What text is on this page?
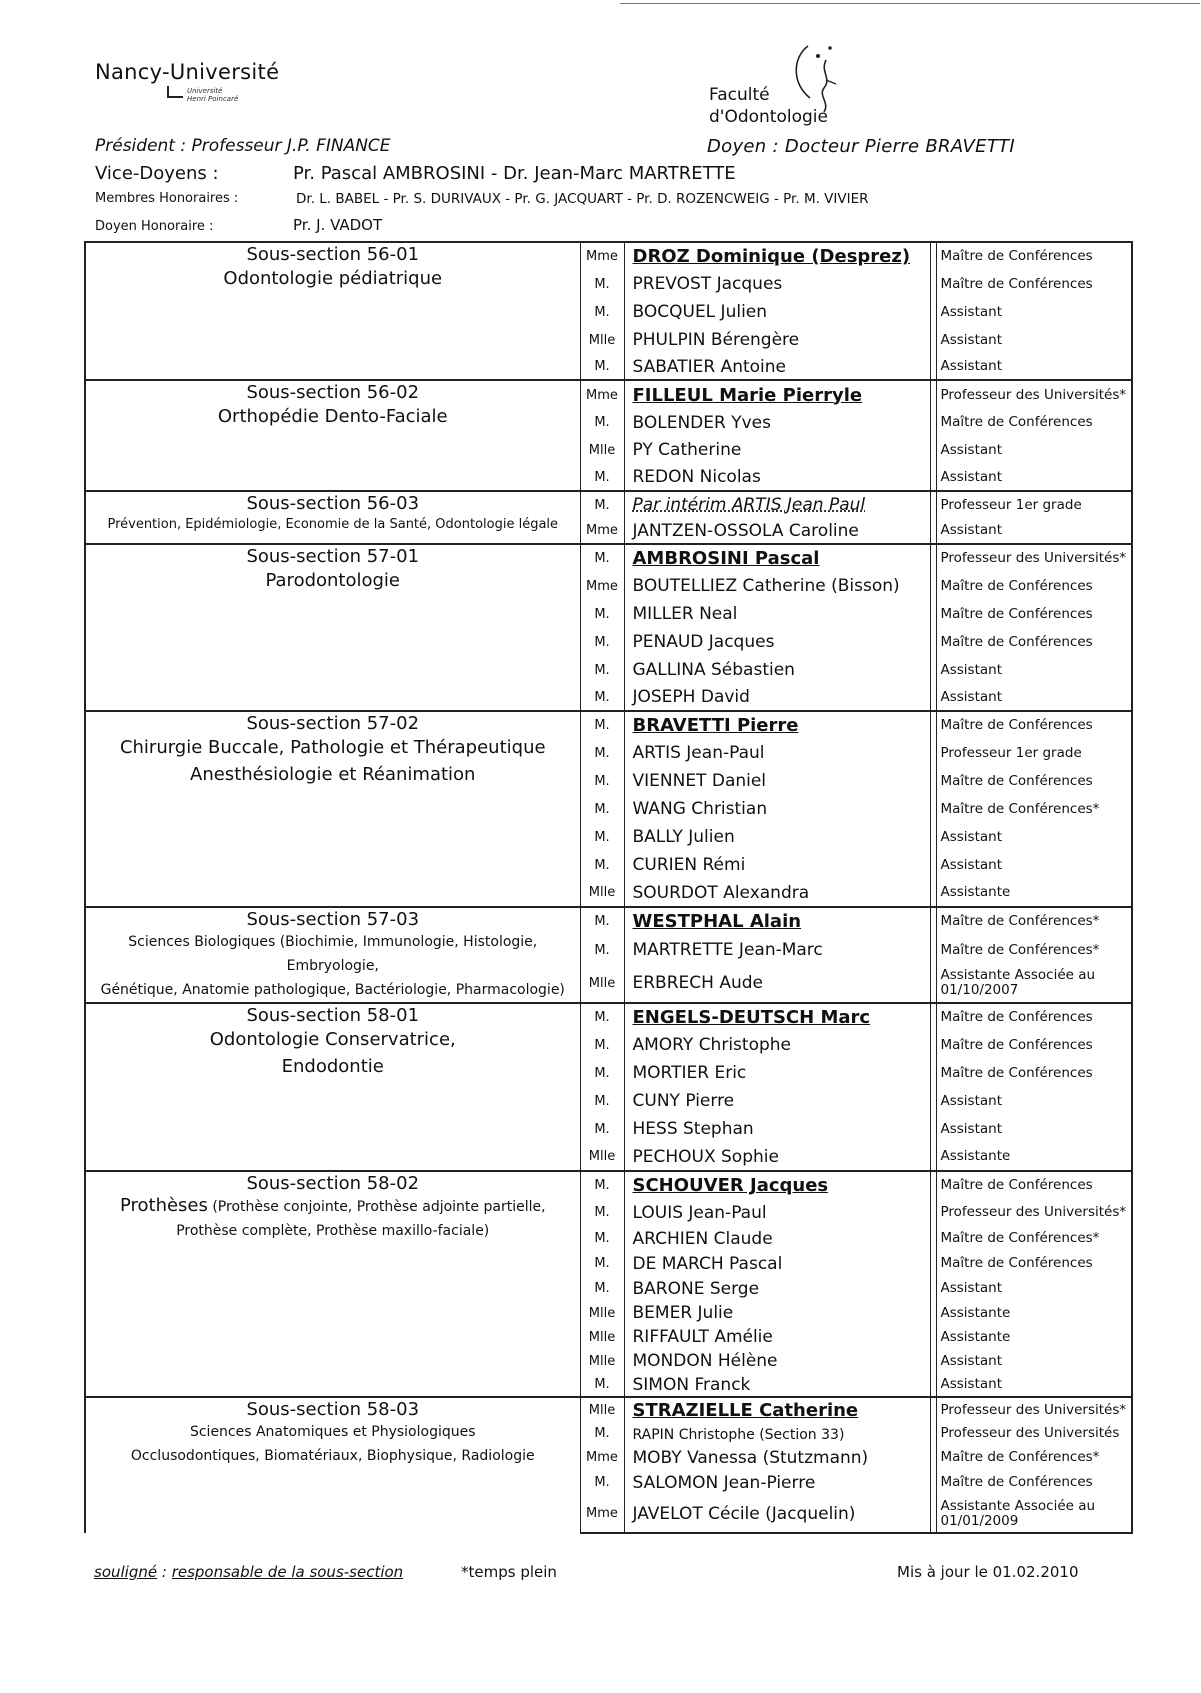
Nancy-Université
Université
Henri Poincaré	Faculté
d'Odontologie
Président : Professeur J.P. FINANCE	Doyen : Docteur Pierre BRAVETTI
Vice-Doyens :	Pr. Pascal AMBROSINI - Dr. Jean-Marc MARTRETTE
Membres Honoraires :	Dr. L. BABEL - Pr. S. DURIVAUX - Pr. G. JACQUART - Pr. D. ROZENCWEIG - Pr. M. VIVIER
Doyen Honoraire :	Pr. J. VADOT
Sous-section 56-01
Odontologie pédiatrique	Mme	DROZ Dominique (Desprez)		Maître de Conférences
	M.	PREVOST Jacques		Maître de Conférences
	M.	BOCQUEL Julien		Assistant
	Mlle	PHULPIN Bérengère		Assistant
	M.	SABATIER Antoine		Assistant

Sous-section 56-02
Orthopédie Dento-Faciale	Mme	FILLEUL Marie Pierryle		Professeur des Universités*
	M.	BOLENDER Yves		Maître de Conférences
	Mlle	PY Catherine		Assistant
	M.	REDON Nicolas		Assistant

Sous-section 56-03
Prévention, Epidémiologie, Economie de la Santé, Odontologie légale	M.	Par intérim ARTIS Jean Paul		Professeur 1er grade
	Mme	JANTZEN-OSSOLA Caroline		Assistant

Sous-section 57-01
Parodontologie	M.	AMBROSINI Pascal		Professeur des Universités*
	Mme	BOUTELLIEZ Catherine (Bisson)		Maître de Conférences
	M.	MILLER Neal		Maître de Conférences
	M.	PENAUD Jacques		Maître de Conférences
	M.	GALLINA Sébastien		Assistant
	M.	JOSEPH David		Assistant

Sous-section 57-02
Chirurgie Buccale, Pathologie et Thérapeutique
Anesthésiologie et Réanimation	M.	BRAVETTI Pierre		Maître de Conférences
	M.	ARTIS Jean-Paul		Professeur 1er grade
	M.	VIENNET Daniel		Maître de Conférences
	M.	WANG Christian		Maître de Conférences*
	M.	BALLY Julien		Assistant
	M.	CURIEN Rémi		Assistant
	Mlle	SOURDOT Alexandra		Assistante

Sous-section 57-03
Sciences Biologiques (Biochimie, Immunologie, Histologie, Embryologie,
Génétique, Anatomie pathologique, Bactériologie, Pharmacologie)	M.	WESTPHAL Alain		Maître de Conférences*
	M.	MARTRETTE Jean-Marc		Maître de Conférences*
	Mlle	ERBRECH Aude		Assistante Associée au 01/10/2007

Sous-section 58-01
Odontologie Conservatrice,
Endodontie	M.	ENGELS-DEUTSCH Marc		Maître de Conférences
	M.	AMORY Christophe		Maître de Conférences
	M.	MORTIER Eric		Maître de Conférences
	M.	CUNY Pierre		Assistant
	M.	HESS Stephan		Assistant
	Mlle	PECHOUX Sophie		Assistante

Sous-section 58-02
Prothèses (Prothèse conjointe, Prothèse adjointe partielle,
Prothèse complète, Prothèse maxillo-faciale)	M.	SCHOUVER Jacques		Maître de Conférences
	M.	LOUIS Jean-Paul		Professeur des Universités*
	M.	ARCHIEN Claude		Maître de Conférences*
	M.	DE MARCH Pascal		Maître de Conférences
	M.	BARONE Serge		Assistant
	Mlle	BEMER Julie		Assistante
	Mlle	RIFFAULT Amélie		Assistante
	Mlle	MONDON Hélène		Assistant
	M.	SIMON Franck		Assistant

Sous-section 58-03
Sciences Anatomiques et Physiologiques
Occlusodontiques, Biomatériaux, Biophysique, Radiologie	Mlle	STRAZIELLE Catherine		Professeur des Universités*
	M.	RAPIN Christophe (Section 33)		Professeur des Universités
	Mme	MOBY Vanessa (Stutzmann)		Maître de Conférences*
	M.	SALOMON Jean-Pierre		Maître de Conférences
	Mme	JAVELOT Cécile (Jacquelin)		Assistante Associée au 01/01/2009
souligné : responsable de la sous-section	*temps plein	Mis à jour le 01.02.2010
